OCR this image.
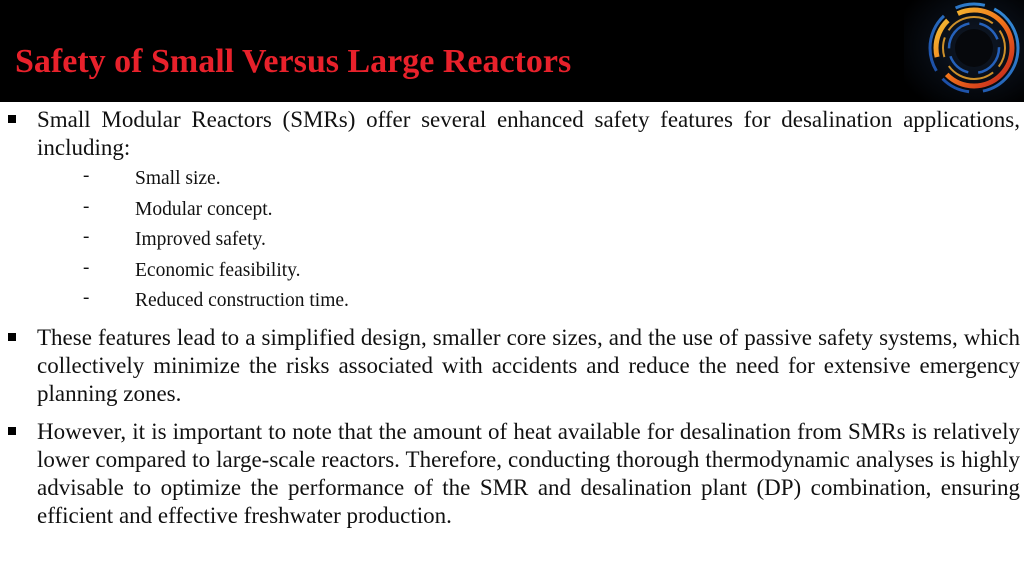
Safety of Small Versus Large Reactors
Small Modular Reactors (SMRs) offer several enhanced safety features for desalination applications, including:
- Small size.
- Modular concept.
- Improved safety.
- Economic feasibility.
- Reduced construction time.
These features lead to a simplified design, smaller core sizes, and the use of passive safety systems, which collectively minimize the risks associated with accidents and reduce the need for extensive emergency planning zones.
However, it is important to note that the amount of heat available for desalination from SMRs is relatively lower compared to large-scale reactors. Therefore, conducting thorough thermodynamic analyses is highly advisable to optimize the performance of the SMR and desalination plant (DP) combination, ensuring efficient and effective freshwater production.
